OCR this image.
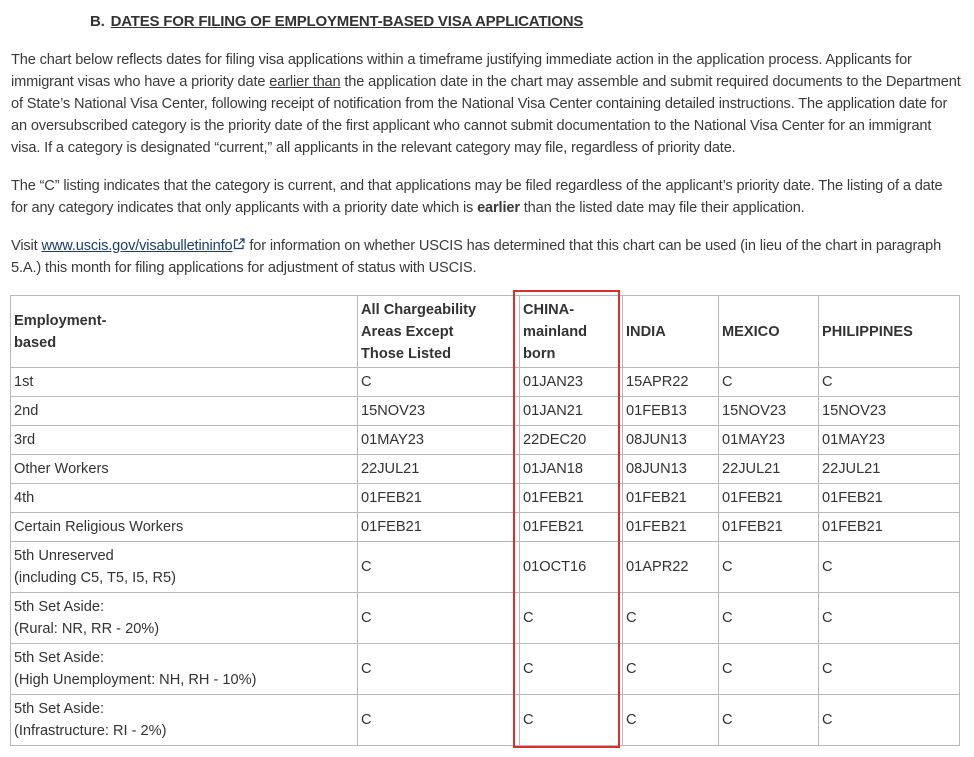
B. DATES FOR FILING OF EMPLOYMENT-BASED VISA APPLICATIONS

The chart below reflects dates for filing visa applications within a timeframe justifying immediate action in the application process. Applicants for immigrant visas who have a priority date earlier than the application date in the chart may assemble and submit required documents to the Department of State’s National Visa Center, following receipt of notification from the National Visa Center containing detailed instructions. The application date for an oversubscribed category is the priority date of the first applicant who cannot submit documentation to the National Visa Center for an immigrant visa. If a category is designated “current,” all applicants in the relevant category may file, regardless of priority date.

The “C” listing indicates that the category is current, and that applications may be filed regardless of the applicant’s priority date. The listing of a date for any category indicates that only applicants with a priority date which is earlier than the listed date may file their application.

Visit www.uscis.gov/visabulletininfo for information on whether USCIS has determined that this chart can be used (in lieu of the chart in paragraph 5.A.) this month for filing applications for adjustment of status with USCIS.

Employment-
based	All Chargeability
Areas Except
Those Listed	CHINA-
mainland
born	INDIA	MEXICO	PHILIPPINES
1st	C	01JAN23	15APR22	C	C
2nd	15NOV23	01JAN21	01FEB13	15NOV23	15NOV23
3rd	01MAY23	22DEC20	08JUN13	01MAY23	01MAY23
Other Workers	22JUL21	01JAN18	08JUN13	22JUL21	22JUL21
4th	01FEB21	01FEB21	01FEB21	01FEB21	01FEB21
Certain Religious Workers	01FEB21	01FEB21	01FEB21	01FEB21	01FEB21
5th Unreserved
(including C5, T5, I5, R5)	C	01OCT16	01APR22	C	C
5th Set Aside:
(Rural: NR, RR - 20%)	C	C	C	C	C
5th Set Aside:
(High Unemployment: NH, RH - 10%)	C	C	C	C	C
5th Set Aside:
(Infrastructure: RI - 2%)	C	C	C	C	C
